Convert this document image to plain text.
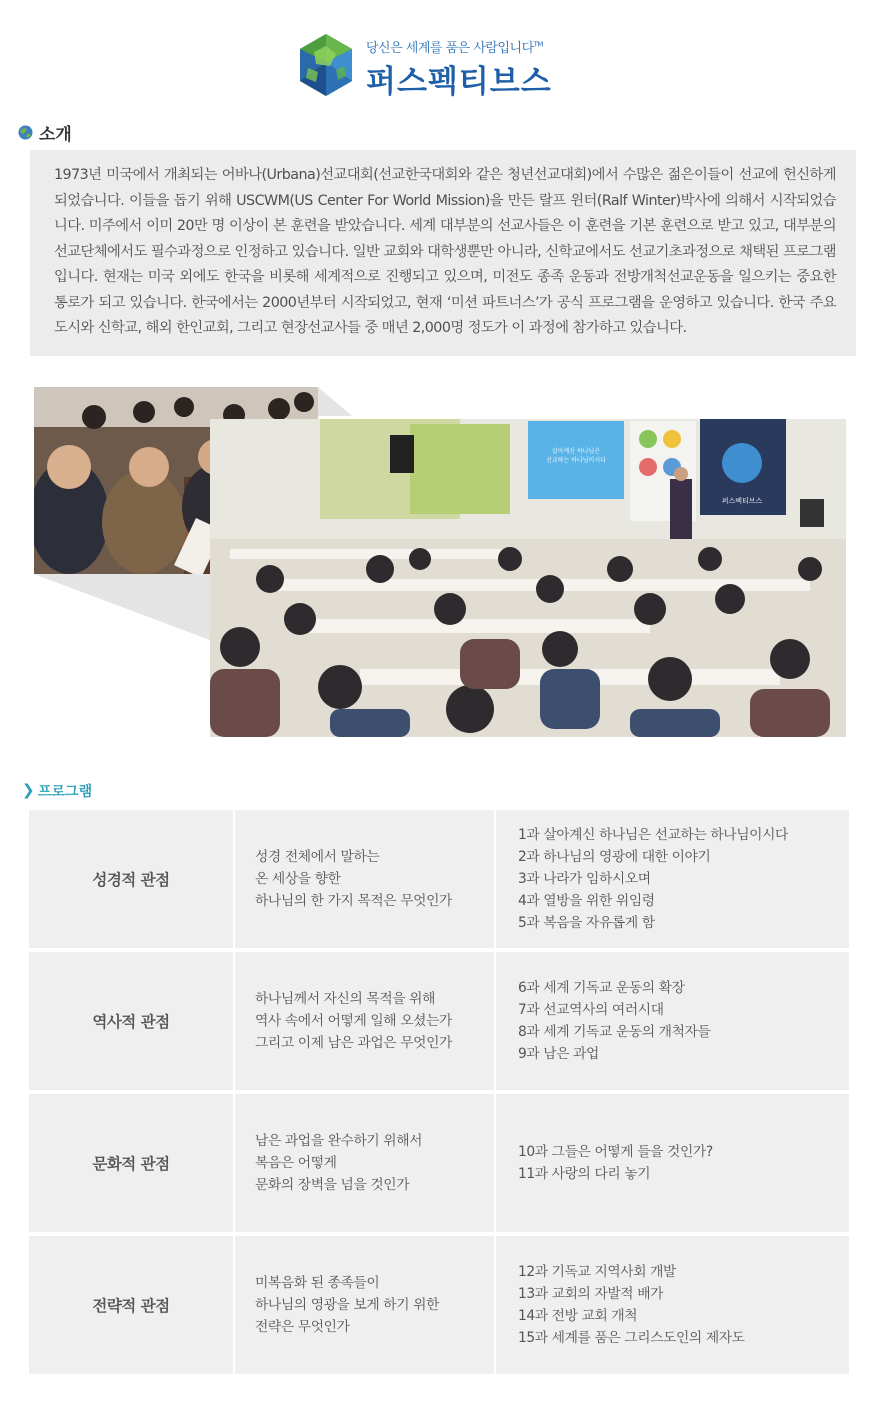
당신은 세계를 품은 사람입니다™
퍼스펙티브스
소개

1973년 미국에서 개최되는 어바나(Urbana)선교대회(선교한국대회와 같은 청년선교대회)에서 수많은 젊은이들이 선교에 헌신하게 되었습니다. 이들을 돕기 위해 USCWM(US Center For World Mission)을 만든 랄프 윈터(Ralf Winter)박사에 의해서 시작되었습니다. 미주에서 이미 20만 명 이상이 본 훈련을 받았습니다. 세계 대부분의 선교사들은 이 훈련을 기본 훈련으로 받고 있고, 대부분의 선교단체에서도 필수과정으로 인정하고 있습니다. 일반 교회와 대학생뿐만 아니라, 신학교에서도 선교기초과정으로 채택된 프로그램입니다. 현재는 미국 외에도 한국을 비롯해 세계적으로 진행되고 있으며, 미전도 종족 운동과 전방개척선교운동을 일으키는 중요한 통로가 되고 있습니다. 한국에서는 2000년부터 시작되었고, 현재 ‘미션 파트너스’가 공식 프로그램을 운영하고 있습니다. 한국 주요도시와 신학교, 해외 한인교회, 그리고 현장선교사들 중 매년 2,000명 정도가 이 과정에 참가하고 있습니다.

살아계신 하나님은
선교하는 하나님이시다
퍼스펙티브스
❯ 프로그램
성경적 관점
성경 전체에서 말하는
온 세상을 향한
하나님의 한 가지 목적은 무엇인가
1과 살아계신 하나님은 선교하는 하나님이시다
2과 하나님의 영광에 대한 이야기
3과 나라가 임하시오며
4과 열방을 위한 위임령
5과 복음을 자유롭게 함
역사적 관점
하나님께서 자신의 목적을 위해
역사 속에서 어떻게 일해 오셨는가
그리고 이제 남은 과업은 무엇인가
6과 세계 기독교 운동의 확장
7과 선교역사의 여러시대
8과 세계 기독교 운동의 개척자들
9과 남은 과업
문화적 관점
남은 과업을 완수하기 위해서
복음은 어떻게
문화의 장벽을 넘을 것인가
10과 그들은 어떻게 들을 것인가?
11과 사랑의 다리 놓기
전략적 관점
미복음화 된 종족들이
하나님의 영광을 보게 하기 위한
전략은 무엇인가
12과 기독교 지역사회 개발
13과 교회의 자발적 배가
14과 전방 교회 개척
15과 세계를 품은 그리스도인의 제자도
